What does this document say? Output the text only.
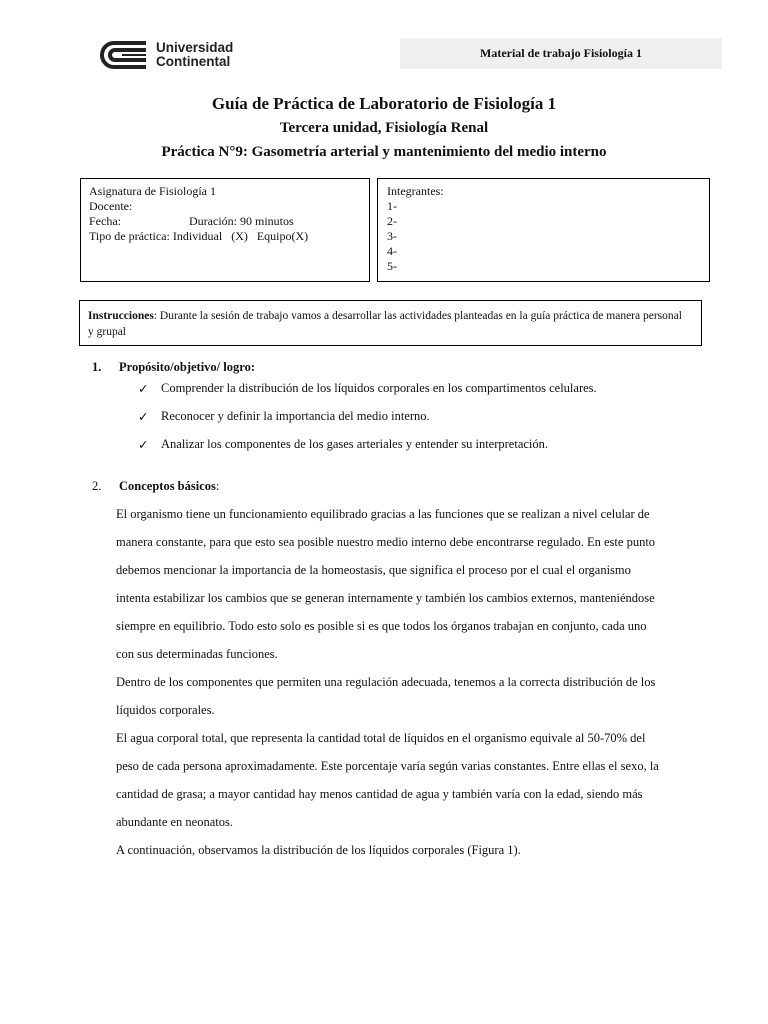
Universidad
Continental
Material de trabajo Fisiología 1
Guía de Práctica de Laboratorio de Fisiología 1
Tercera unidad, Fisiología Renal
Práctica N°9: Gasometría arterial y mantenimiento del medio interno
Asignatura de Fisiología 1
Docente:
Fecha:	Duración: 90 minutos
Tipo de práctica: Individual   (X)   Equipo(X)
Integrantes:
1-
2-
3-
4-
5-
Instrucciones: Durante la sesión de trabajo vamos a desarrollar las actividades planteadas en la guía práctica de manera personal
y grupal
1. Propósito/objetivo/ logro:
✓ Comprender la distribución de los líquidos corporales en los compartimentos celulares.
✓ Reconocer y definir la importancia del medio interno.
✓ Analizar los componentes de los gases arteriales y entender su interpretación.
2. Conceptos básicos:

El organismo tiene un funcionamiento equilibrado gracias a las funciones que se realizan a nivel celular de

manera constante, para que esto sea posible nuestro medio interno debe encontrarse regulado. En este punto

debemos mencionar la importancia de la homeostasis, que significa el proceso por el cual el organismo

intenta estabilizar los cambios que se generan internamente y también los cambios externos, manteniéndose

siempre en equilibrio. Todo esto solo es posible si es que todos los órganos trabajan en conjunto, cada uno

con sus determinadas funciones.

Dentro de los componentes que permiten una regulación adecuada, tenemos a la correcta distribución de los

líquidos corporales.

El agua corporal total, que representa la cantidad total de líquidos en el organismo equivale al 50-70% del

peso de cada persona aproximadamente. Este porcentaje varía según varias constantes. Entre ellas el sexo, la

cantidad de grasa; a mayor cantidad hay menos cantidad de agua y también varía con la edad, siendo más

abundante en neonatos.

A continuación, observamos la distribución de los líquidos corporales (Figura 1).
